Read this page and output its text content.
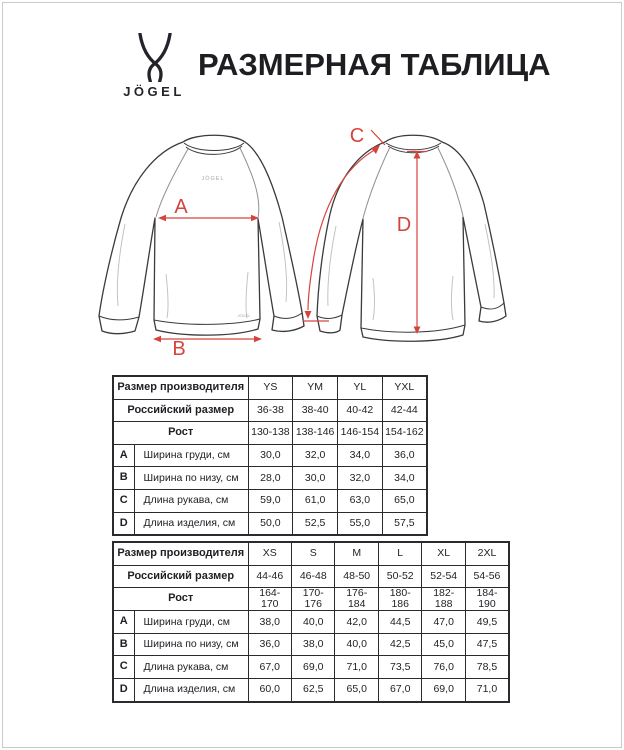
JÖGEL
РАЗМЕРНАЯ ТАБЛИЦА
JÖGEL
JÖGEL
A
B
D
C
Размер производителя		YS	YM	YL	YXL
Российский размер		36-38	38-40	40-42	42-44
Рост		130-138	138-146	146-154	154-162
A	Ширина груди, см	30,0	32,0	34,0	36,0
B	Ширина по низу, см	28,0	30,0	32,0	34,0
C	Длина рукава, см	59,0	61,0	63,0	65,0
D	Длина изделия, см	50,0	52,5	55,0	57,5
Размер производителя		XS	S	M	L	XL	2XL
Российский размер		44-46	46-48	48-50	50-52	52-54	54-56
Рост		164-170	170-176	176-184	180-186	182-188	184-190
A	Ширина груди, см	38,0	40,0	42,0	44,5	47,0	49,5
B	Ширина по низу, см	36,0	38,0	40,0	42,5	45,0	47,5
C	Длина рукава, см	67,0	69,0	71,0	73,5	76,0	78,5
D	Длина изделия, см	60,0	62,5	65,0	67,0	69,0	71,0
